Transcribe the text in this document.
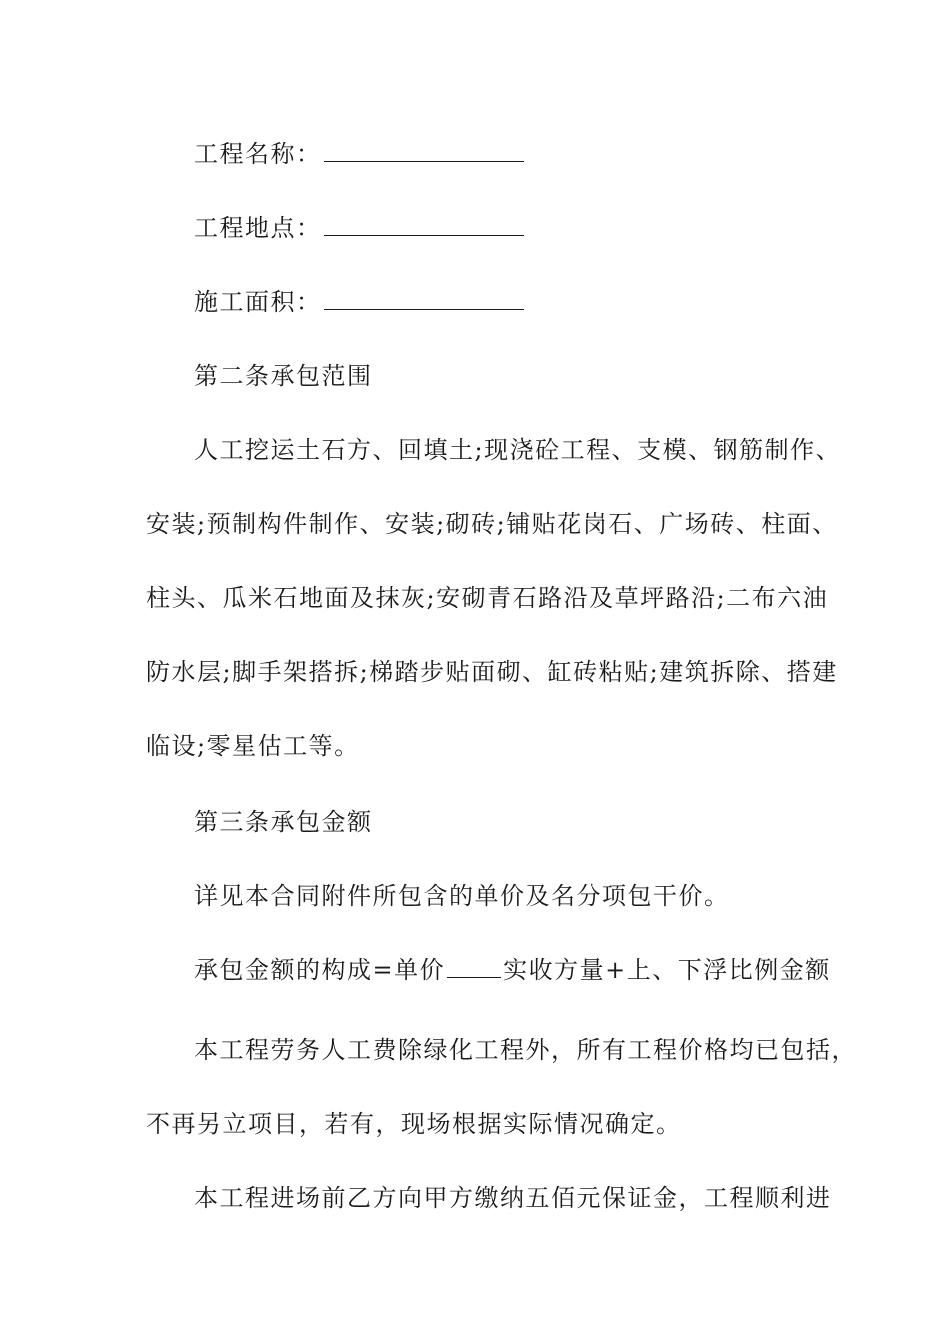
工程名称：
工程地点：
施工面积：
第二条承包范围
人工挖运土石方、回填土;现浇砼工程、支模、钢筋制作、
安装;预制构件制作、安装;砌砖;铺贴花岗石、广场砖、柱面、
柱头、瓜米石地面及抹灰;安砌青石路沿及草坪路沿;二布六油
防水层;脚手架搭拆;梯踏步贴面砌、缸砖粘贴;建筑拆除、搭建
临设;零星估工等。
第三条承包金额
详见本合同附件所包含的单价及名分项包干价。
承包金额的构成=单价 实收方量+上、下浮比例金额
本工程劳务人工费除绿化工程外，所有工程价格均已包括，
不再另立项目，若有，现场根据实际情况确定。
本工程进场前乙方向甲方缴纳五佰元保证金，工程顺利进
